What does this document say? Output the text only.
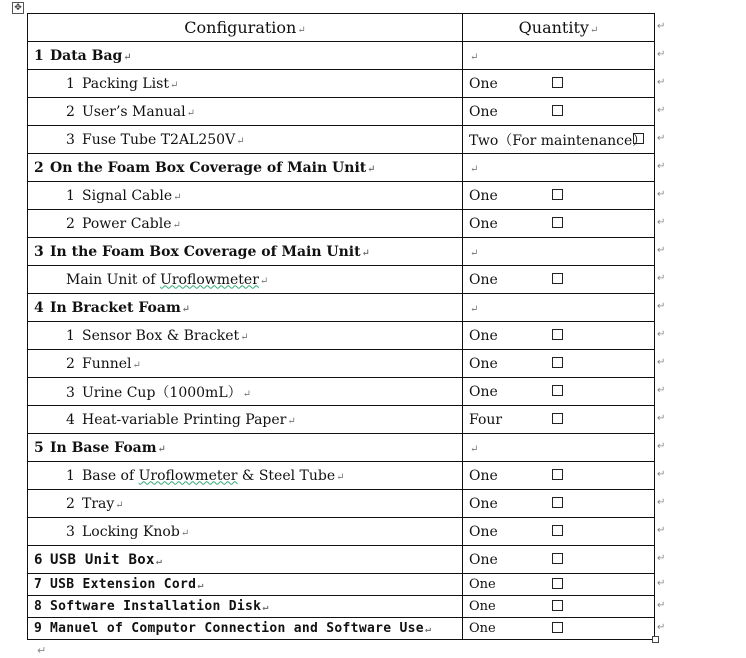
✥
Configuration↵	Quantity↵
1 Data Bag↵	↵
1 Packing List↵	One

2 User’s Manual↵	One

3 Fuse Tube T2AL250V↵	Two（For maintenance）

2 On the Foam Box Coverage of Main Unit↵	↵
1 Signal Cable↵	One

2 Power Cable↵	One

3 In the Foam Box Coverage of Main Unit↵	↵
Main Unit of Uroflowmeter↵	One

4 In Bracket Foam↵	↵
1 Sensor Box & Bracket↵	One

2 Funnel↵	One

3 Urine Cup（1000mL）↵	One

4 Heat-variable Printing Paper↵	Four

5 In Base Foam↵	↵
1 Base of Uroflowmeter & Steel Tube↵	One

2 Tray↵	One

3 Locking Knob↵	One

6 USB Unit Box↵	One

7 USB Extension Cord↵	One

8 Software Installation Disk↵	One

9 Manuel of Computor Connection and Software Use↵	One
↵
↵
↵
↵
↵
↵
↵
↵
↵
↵
↵
↵
↵
↵
↵
↵
↵
↵
↵
↵
↵
↵
↵
↵
